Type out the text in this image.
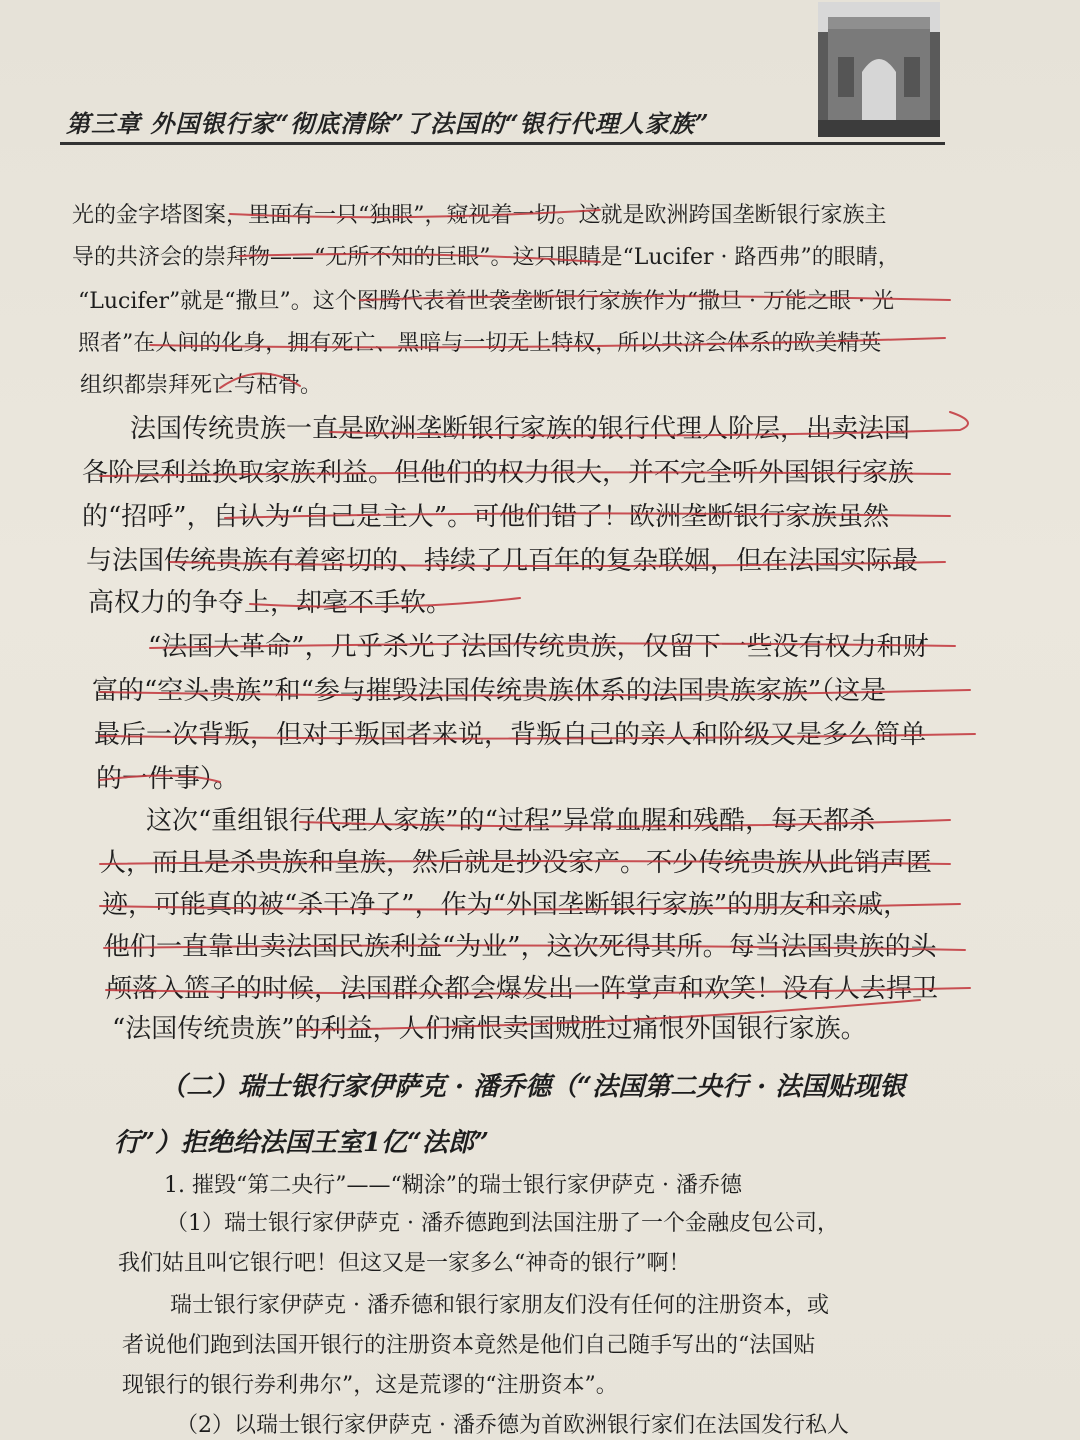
第三章 外国银行家“彻底清除”了法国的“银行代理人家族”
光的金字塔图案，里面有一只“独眼”，窥视着一切。这就是欧洲跨国垄断银行家族主
导的共济会的崇拜物——“无所不知的巨眼”。这只眼睛是“Lucifer · 路西弗”的眼睛，
“Lucifer”就是“撒旦”。这个图腾代表着世袭垄断银行家族作为“撒旦 · 万能之眼 · 光
照者”在人间的化身，拥有死亡、黑暗与一切无上特权，所以共济会体系的欧美精英
组织都崇拜死亡与枯骨。
法国传统贵族一直是欧洲垄断银行家族的银行代理人阶层，出卖法国
各阶层利益换取家族利益。但他们的权力很大，并不完全听外国银行家族
的“招呼”，自认为“自己是主人”。可他们错了！欧洲垄断银行家族虽然
与法国传统贵族有着密切的、持续了几百年的复杂联姻，但在法国实际最
高权力的争夺上，却毫不手软。
“法国大革命”，几乎杀光了法国传统贵族，仅留下一些没有权力和财
富的“空头贵族”和“参与摧毁法国传统贵族体系的法国贵族家族”（这是
最后一次背叛，但对于叛国者来说，背叛自己的亲人和阶级又是多么简单
的一件事）。
这次“重组银行代理人家族”的“过程”异常血腥和残酷，每天都杀
人，而且是杀贵族和皇族，然后就是抄没家产。不少传统贵族从此销声匿
迹，可能真的被“杀干净了”，作为“外国垄断银行家族”的朋友和亲戚，
他们一直靠出卖法国民族利益“为业”，这次死得其所。每当法国贵族的头
颅落入篮子的时候，法国群众都会爆发出一阵掌声和欢笑！没有人去捍卫
“法国传统贵族”的利益，人们痛恨卖国贼胜过痛恨外国银行家族。
（二）瑞士银行家伊萨克 · 潘乔德（“法国第二央行 · 法国贴现银
行”）拒绝给法国王室1亿“法郎”
1. 摧毁“第二央行”——“糊涂”的瑞士银行家伊萨克 · 潘乔德
（1）瑞士银行家伊萨克 · 潘乔德跑到法国注册了一个金融皮包公司，
我们姑且叫它银行吧！但这又是一家多么“神奇的银行”啊！
瑞士银行家伊萨克 · 潘乔德和银行家朋友们没有任何的注册资本，或
者说他们跑到法国开银行的注册资本竟然是他们自己随手写出的“法国贴
现银行的银行券利弗尔”，这是荒谬的“注册资本”。
（2）以瑞士银行家伊萨克 · 潘乔德为首欧洲银行家们在法国发行私人
